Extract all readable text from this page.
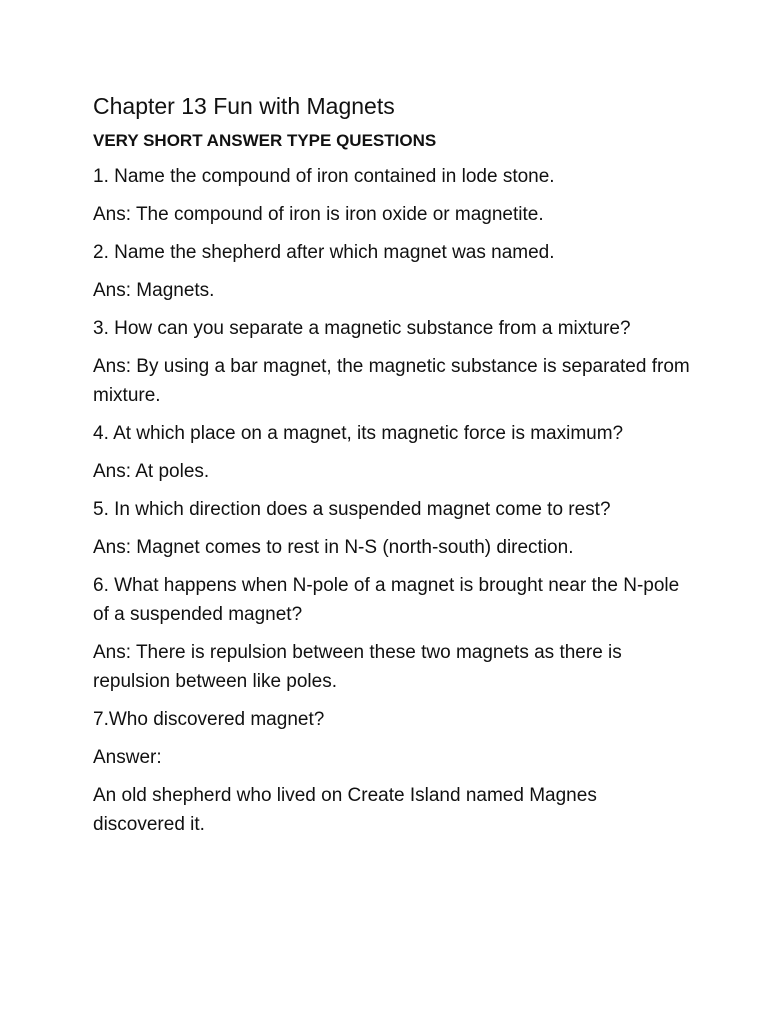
Chapter 13 Fun with Magnets
VERY SHORT ANSWER TYPE QUESTIONS

1. Name the compound of iron contained in lode stone.

Ans: The compound of iron is iron oxide or magnetite.

2. Name the shepherd after which magnet was named.

Ans: Magnets.

3. How can you separate a magnetic substance from a mixture?

Ans: By using a bar magnet, the magnetic substance is separated from mixture.

4. At which place on a magnet, its magnetic force is maximum?

Ans: At poles.

5. In which direction does a suspended magnet come to rest?

Ans: Magnet comes to rest in N-S (north-south) direction.

6. What happens when N-pole of a magnet is brought near the N-pole of a suspended magnet?

Ans: There is repulsion between these two magnets as there is repulsion between like poles.

7.Who discovered magnet?

Answer:

An old shepherd who lived on Create Island named Magnes discovered it.
